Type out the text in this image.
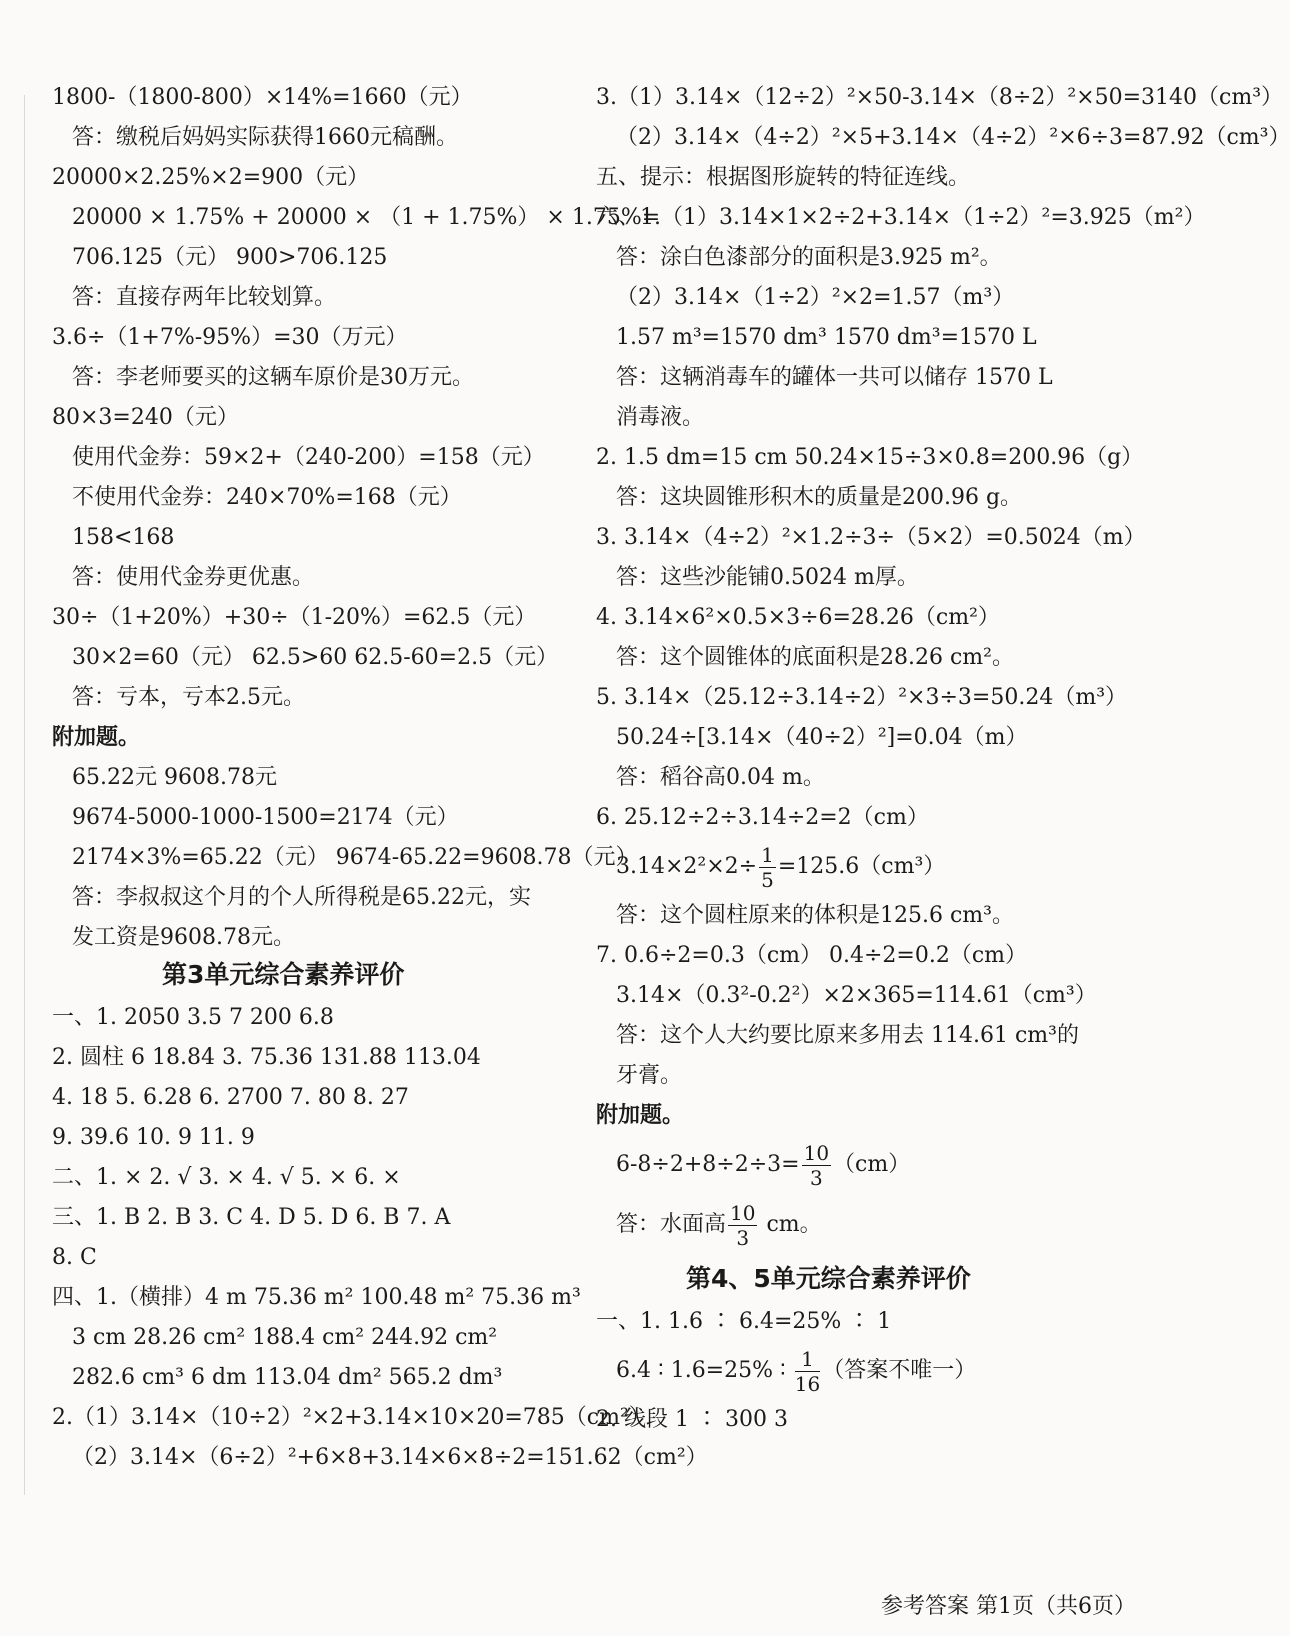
1800-（1800-800）×14%=1660（元）
答：缴税后妈妈实际获得1660元稿酬。
20000×2.25%×2=900（元）
20000 × 1.75% + 20000 × （1 + 1.75%） × 1.75%=
706.125（元） 900>706.125
答：直接存两年比较划算。
3.6÷（1+7%-95%）=30（万元）
答：李老师要买的这辆车原价是30万元。
80×3=240（元）
使用代金券：59×2+（240-200）=158（元）
不使用代金券：240×70%=168（元）
158<168
答：使用代金券更优惠。
30÷（1+20%）+30÷（1-20%）=62.5（元）
30×2=60（元） 62.5>60 62.5-60=2.5（元）
答：亏本，亏本2.5元。
附加题。
65.22元 9608.78元
9674-5000-1000-1500=2174（元）
2174×3%=65.22（元） 9674-65.22=9608.78（元）
答：李叔叔这个月的个人所得税是65.22元，实
发工资是9608.78元。
第3单元综合素养评价
一、1. 2050 3.5 7 200 6.8
2. 圆柱 6 18.84 3. 75.36 131.88 113.04
4. 18 5. 6.28 6. 2700 7. 80 8. 27
9. 39.6 10. 9 11. 9
二、1. × 2. √ 3. × 4. √ 5. × 6. ×
三、1. B 2. B 3. C 4. D 5. D 6. B 7. A
8. C
四、1.（横排）4 m 75.36 m² 100.48 m² 75.36 m³
3 cm 28.26 cm² 188.4 cm² 244.92 cm²
282.6 cm³ 6 dm 113.04 dm² 565.2 dm³
2.（1）3.14×（10÷2）²×2+3.14×10×20=785（cm²）
（2）3.14×（6÷2）²+6×8+3.14×6×8÷2=151.62（cm²）
3.（1）3.14×（12÷2）²×50-3.14×（8÷2）²×50=3140（cm³）
（2）3.14×（4÷2）²×5+3.14×（4÷2）²×6÷3=87.92（cm³）
五、提示：根据图形旋转的特征连线。
六、1.（1）3.14×1×2÷2+3.14×（1÷2）²=3.925（m²）
答：涂白色漆部分的面积是3.925 m²。
（2）3.14×（1÷2）²×2=1.57（m³）
1.57 m³=1570 dm³ 1570 dm³=1570 L
答：这辆消毒车的罐体一共可以储存 1570 L
消毒液。
2. 1.5 dm=15 cm 50.24×15÷3×0.8=200.96（g）
答：这块圆锥形积木的质量是200.96 g。
3. 3.14×（4÷2）²×1.2÷3÷（5×2）=0.5024（m）
答：这些沙能铺0.5024 m厚。
4. 3.14×6²×0.5×3÷6=28.26（cm²）
答：这个圆锥体的底面积是28.26 cm²。
5. 3.14×（25.12÷3.14÷2）²×3÷3=50.24（m³）
50.24÷[3.14×（40÷2）²]=0.04（m）
答：稻谷高0.04 m。
6. 25.12÷2÷3.14÷2=2（cm）
$3.14\times 2^2\times 2\div \frac{1}{5} =125.6(cm^3)$
答：这个圆柱原来的体积是125.6 cm³。
7. 0.6÷2=0.3（cm） 0.4÷2=0.2（cm）
3.14×（0.3²-0.2²）×2×365=114.61（cm³）
答：这个人大约要比原来多用去 114.61 cm³的
牙膏。
附加题。
$6-8\div 2+8\div 2\div 3= \frac{10}{3} (cm)$
答：水面高 $\frac{10}{3}$ cm。
第4、5单元综合素养评价
一、1. 1.6 ∶ 6.4=25% ∶ 1
6.4 ∶ 1.6=25% ∶ $\frac{1}{16}$ （答案不唯一）
2. 线段 1 ∶ 300 3
参考答案 第1页（共6页）
